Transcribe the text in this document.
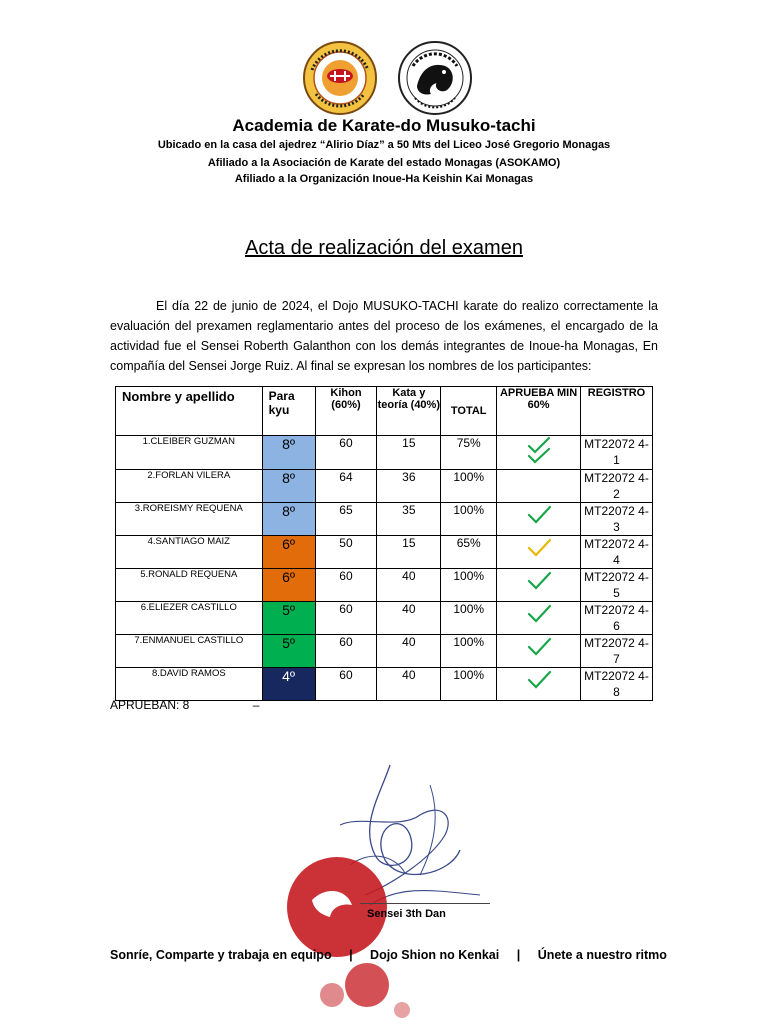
Academia de Karate-do Musuko-tachi
Ubicado en la casa del ajedrez “Alirio Díaz” a 50 Mts del Liceo José Gregorio Monagas
Afiliado a la Asociación de Karate del estado Monagas (ASOKAMO)
Afiliado a la Organización Inoue-Ha Keishin Kai Monagas
Acta de realización del examen

El día 22 de junio de 2024, el Dojo MUSUKO-TACHI karate do realizo correctamente la evaluación del prexamen reglamentario antes del proceso de los exámenes, el encargado de la actividad fue el Sensei Roberth Galanthon con los demás integrantes de Inoue-ha Monagas, En compañía del Sensei Jorge Ruiz. Al final se expresan los nombres de los participantes:

Nombre y apellido	Para kyu	Kihon (60%)	Kata y teoría (40%)	TOTAL	APRUEBA MIN 60%	REGISTRO
1.CLEIBER GUZMAN	8º	60	15	75%		MT22072 4-1
2.FORLAN VILERA	8º	64	36	100%		MT22072 4-2
3.ROREISMY REQUENA	8º	65	35	100%		MT22072 4-3
4.SANTIAGO MAIZ	6º	50	15	65%		MT22072 4-4
5.RONALD REQUENA	6º	60	40	100%		MT22072 4-5
6.ELIEZER CASTILLO	5º	60	40	100%		MT22072 4-6
7.ENMANUEL CASTILLO	5º	60	40	100%		MT22072 4-7
8.DAVID RAMOS	4º	60	40	100%		MT22072 4-8
APRUEBAN: 8	–
Sensei 3th Dan
Sonríe, Comparte y trabaja en equipo | Dojo Shion no Kenkai | Únete a nuestro ritmo
